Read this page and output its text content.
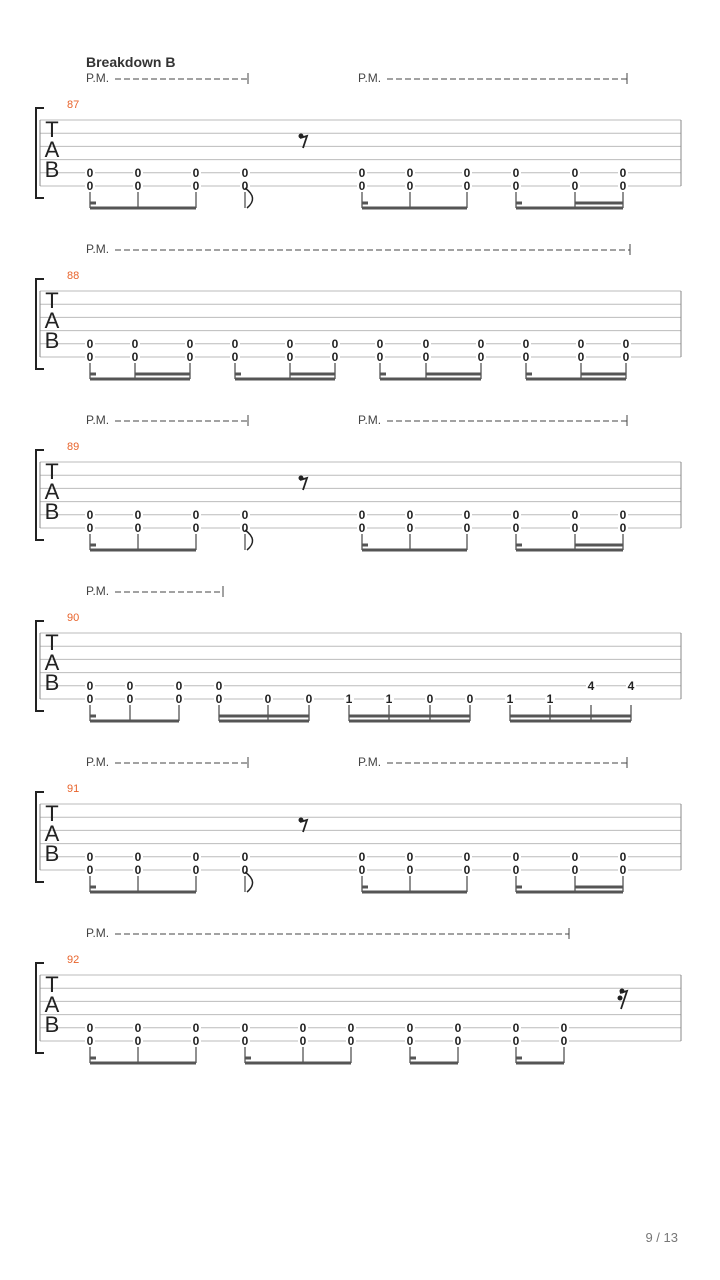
Breakdown B
T
A
B
87
P.M.	P.M.
0
0
0
0
0
0
0
0
0
0
0
0
0
0
0
0
0
0
0
0
T
A
B
88
P.M.
0
0
0
0
0
0
0
0
0
0
0
0
0
0
0
0
0
0
0
0
0
0
0
0
T
A
B
89
P.M.	P.M.
0
0
0
0
0
0
0
0
0
0
0
0
0
0
0
0
0
0
0
0
T
A
B
90
P.M.
0
0
0
0
0
0
0
0	0	0	1	1	0	0	1	1
4	4
T
A
B
91
P.M.	P.M.
0
0
0
0
0
0
0
0
0
0
0
0
0
0
0
0
0
0
0
0
T
A
B
92
P.M.
0
0
0
0
0
0
0
0
0
0
0
0
0
0
0
0
0
0
0
0
9 / 13
